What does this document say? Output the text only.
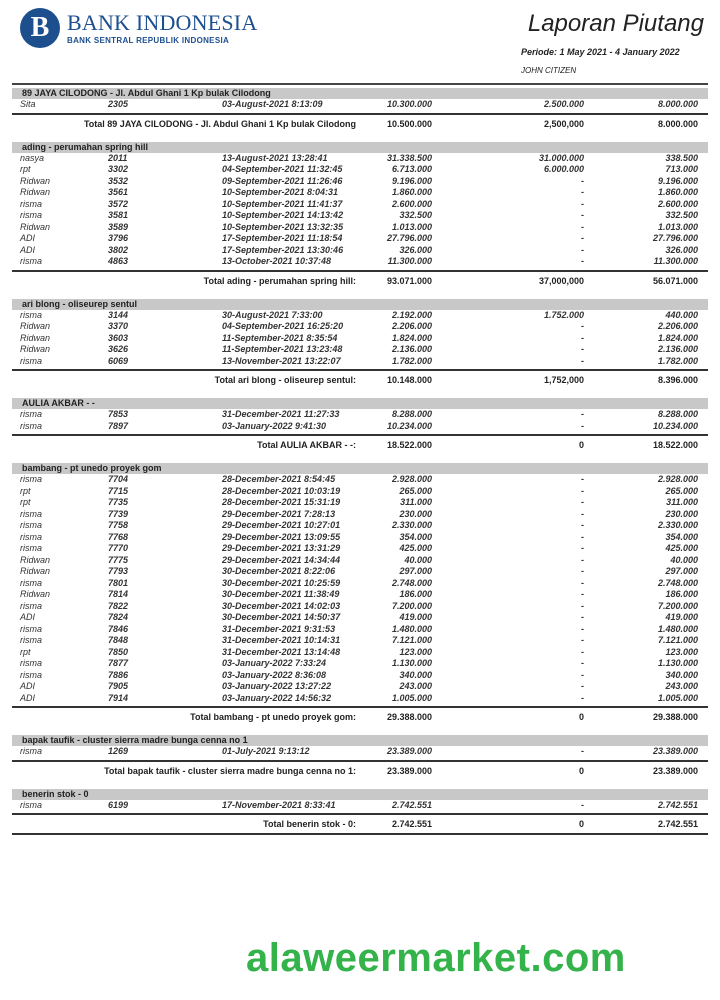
B BANK INDONESIA
BANK SENTRAL REPUBLIK INDONESIA
Laporan Piutang
Periode: 1 May 2021 - 4 January 2022
JOHN CITIZEN
89 JAYA CILODONG - Jl. Abdul Ghani 1 Kp bulak Cilodong
Sita	2305	03-August-2021 8:13:09	10.300.000	2.500.000	8.000.000
Total 89 JAYA CILODONG - Jl. Abdul Ghani 1 Kp bulak Cilodong	10.500.000	2,500,000	8.000.000
ading - perumahan spring hill
nasya	2011	13-August-2021 13:28:41	31.338.500	31.000.000	338.500
rpt	3302	04-September-2021 11:32:45	6.713.000	6.000.000	713.000
Ridwan	3532	09-September-2021 11:26:46	9.196.000	-	9.196.000
Ridwan	3561	10-September-2021 8:04:31	1.860.000	-	1.860.000
risma	3572	10-September-2021 11:41:37	2.600.000	-	2.600.000
risma	3581	10-September-2021 14:13:42	332.500	-	332.500
Ridwan	3589	10-September-2021 13:32:35	1.013.000	-	1.013.000
ADI	3796	17-September-2021 11:18:54	27.796.000	-	27.796.000
ADI	3802	17-September-2021 13:30:46	326.000	-	326.000
risma	4863	13-October-2021 10:37:48	11.300.000	-	11.300.000
Total ading - perumahan spring hill:	93.071.000	37,000,000	56.071.000
ari blong - oliseurep sentul
risma	3144	30-August-2021 7:33:00	2.192.000	1.752.000	440.000
Ridwan	3370	04-September-2021 16:25:20	2.206.000	-	2.206.000
Ridwan	3603	11-September-2021 8:35:54	1.824.000	-	1.824.000
Ridwan	3626	11-September-2021 13:23:48	2.136.000	-	2.136.000
risma	6069	13-November-2021 13:22:07	1.782.000	-	1.782.000
Total ari blong - oliseurep sentul:	10.148.000	1,752,000	8.396.000
AULIA AKBAR - -
risma	7853	31-December-2021 11:27:33	8.288.000	-	8.288.000
risma	7897	03-January-2022 9:41:30	10.234.000	-	10.234.000
Total AULIA AKBAR - -:	18.522.000	0	18.522.000
bambang - pt unedo proyek gom
risma	7704	28-December-2021 8:54:45	2.928.000	-	2.928.000
rpt	7715	28-December-2021 10:03:19	265.000	-	265.000
rpt	7735	28-December-2021 15:31:19	311.000	-	311.000
risma	7739	29-December-2021 7:28:13	230.000	-	230.000
risma	7758	29-December-2021 10:27:01	2.330.000	-	2.330.000
risma	7768	29-December-2021 13:09:55	354.000	-	354.000
risma	7770	29-December-2021 13:31:29	425.000	-	425.000
Ridwan	7775	29-December-2021 14:34:44	40.000	-	40.000
Ridwan	7793	30-December-2021 8:22:06	297.000	-	297.000
risma	7801	30-December-2021 10:25:59	2.748.000	-	2.748.000
Ridwan	7814	30-December-2021 11:38:49	186.000	-	186.000
risma	7822	30-December-2021 14:02:03	7.200.000	-	7.200.000
ADI	7824	30-December-2021 14:50:37	419.000	-	419.000
risma	7846	31-December-2021 9:31:53	1.480.000	-	1.480.000
risma	7848	31-December-2021 10:14:31	7.121.000	-	7.121.000
rpt	7850	31-December-2021 13:14:48	123.000	-	123.000
risma	7877	03-January-2022 7:33:24	1.130.000	-	1.130.000
risma	7886	03-January-2022 8:36:08	340.000	-	340.000
ADI	7905	03-January-2022 13:27:22	243.000	-	243.000
ADI	7914	03-January-2022 14:56:32	1.005.000	-	1.005.000
Total bambang - pt unedo proyek gom:	29.388.000	0	29.388.000
bapak taufik - cluster sierra madre bunga cenna no 1
risma	1269	01-July-2021 9:13:12	23.389.000	-	23.389.000
Total bapak taufik - cluster sierra madre bunga cenna no 1:	23.389.000	0	23.389.000
benerin stok - 0
risma	6199	17-November-2021 8:33:41	2.742.551	-	2.742.551
Total benerin stok - 0:	2.742.551	0	2.742.551
alaweermarket.com
